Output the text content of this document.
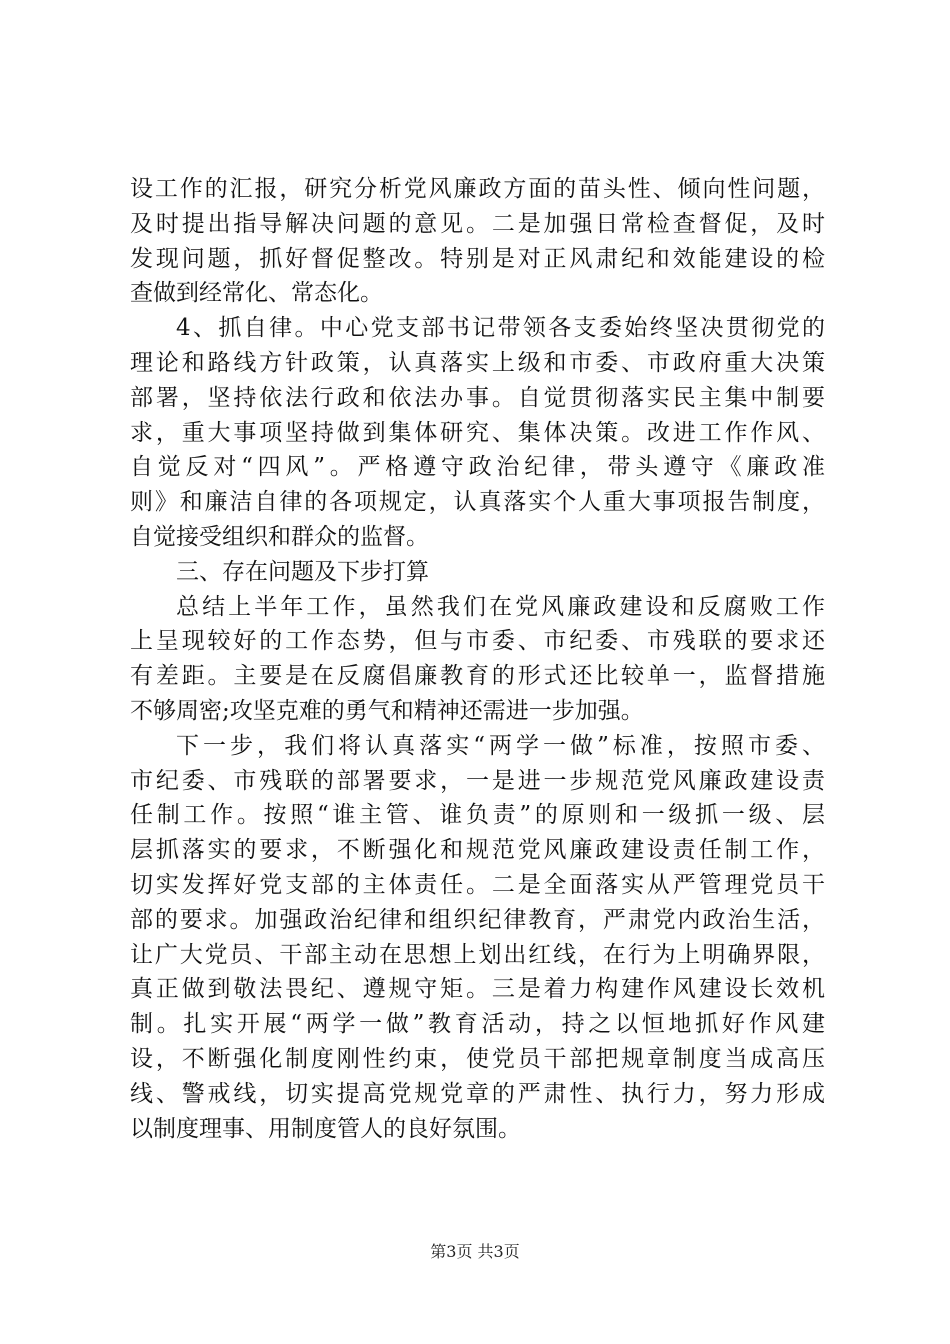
设工作的汇报，研究分析党风廉政方面的苗头性、倾向性问题，
及时提出指导解决问题的意见。二是加强日常检查督促，及时
发现问题，抓好督促整改。特别是对正风肃纪和效能建设的检
查做到经常化、常态化。
4、抓自律。中心党支部书记带领各支委始终坚决贯彻党的
理论和路线方针政策，认真落实上级和市委、市政府重大决策
部署，坚持依法行政和依法办事。自觉贯彻落实民主集中制要
求，重大事项坚持做到集体研究、集体决策。改进工作作风、
自觉反对“四风”。严格遵守政治纪律，带头遵守《廉政准
则》和廉洁自律的各项规定，认真落实个人重大事项报告制度，
自觉接受组织和群众的监督。
三、存在问题及下步打算
总结上半年工作，虽然我们在党风廉政建设和反腐败工作
上呈现较好的工作态势，但与市委、市纪委、市残联的要求还
有差距。主要是在反腐倡廉教育的形式还比较单一，监督措施
不够周密;攻坚克难的勇气和精神还需进一步加强。
下一步，我们将认真落实“两学一做”标准，按照市委、
市纪委、市残联的部署要求，一是进一步规范党风廉政建设责
任制工作。按照“谁主管、谁负责”的原则和一级抓一级、层
层抓落实的要求，不断强化和规范党风廉政建设责任制工作，
切实发挥好党支部的主体责任。二是全面落实从严管理党员干
部的要求。加强政治纪律和组织纪律教育，严肃党内政治生活，
让广大党员、干部主动在思想上划出红线，在行为上明确界限，
真正做到敬法畏纪、遵规守矩。三是着力构建作风建设长效机
制。扎实开展“两学一做”教育活动，持之以恒地抓好作风建
设，不断强化制度刚性约束，使党员干部把规章制度当成高压
线、警戒线，切实提高党规党章的严肃性、执行力，努力形成
以制度理事、用制度管人的良好氛围。
第3页 共3页
